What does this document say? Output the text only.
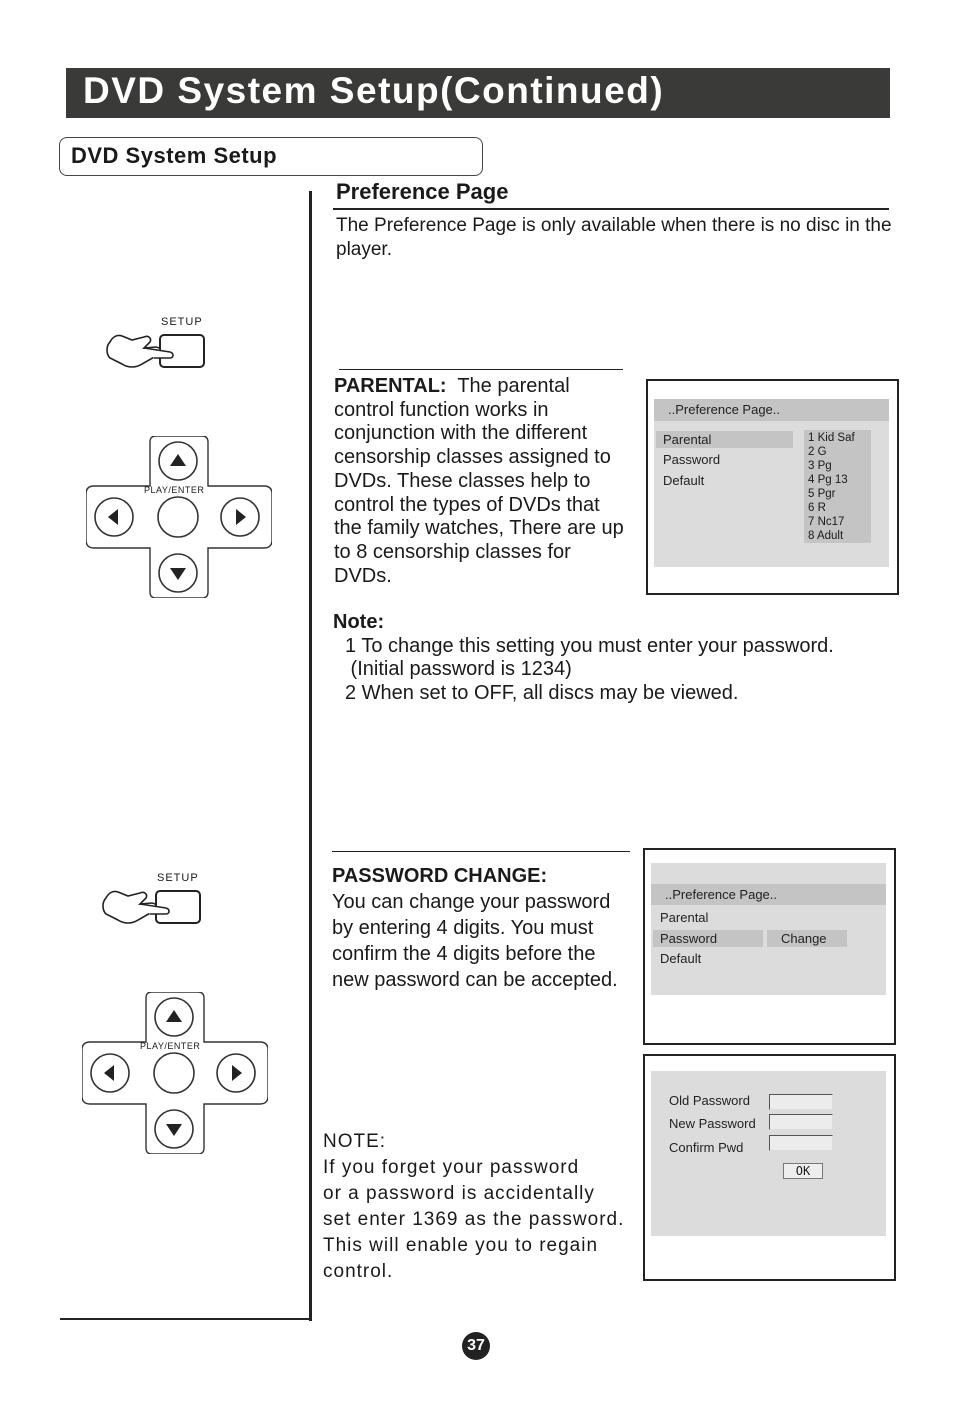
DVD System Setup(Continued)
DVD System Setup
Preference Page
The Preference Page is only available when there is no disc in the player.
SETUP
PLAY/ENTER
PARENTAL: The parental control function works in conjunction with the different censorship classes assigned to DVDs. These classes help to control the types of DVDs that the family watches, There are up to 8 censorship classes for DVDs.
..Preference Page..
Parental
Password
Default
1 Kid Saf
2 G
3 Pg
4 Pg 13
5 Pgr
6 R
7 Nc17
8 Adult
Note:
1 To change this setting you must enter your password.
(Initial password is 1234)
2 When set to OFF, all discs may be viewed.
SETUP
PLAY/ENTER
PASSWORD CHANGE:
You can change your password
by entering 4 digits. You must
confirm the 4 digits before the
new password can be accepted.
..Preference Page..
Parental
Password	Change
Default
Old Password
New Password
Confirm Pwd
OK
NOTE:
If you forget your password
or a password is accidentally
set enter 1369 as the password.
This will enable you to regain
control.
37
